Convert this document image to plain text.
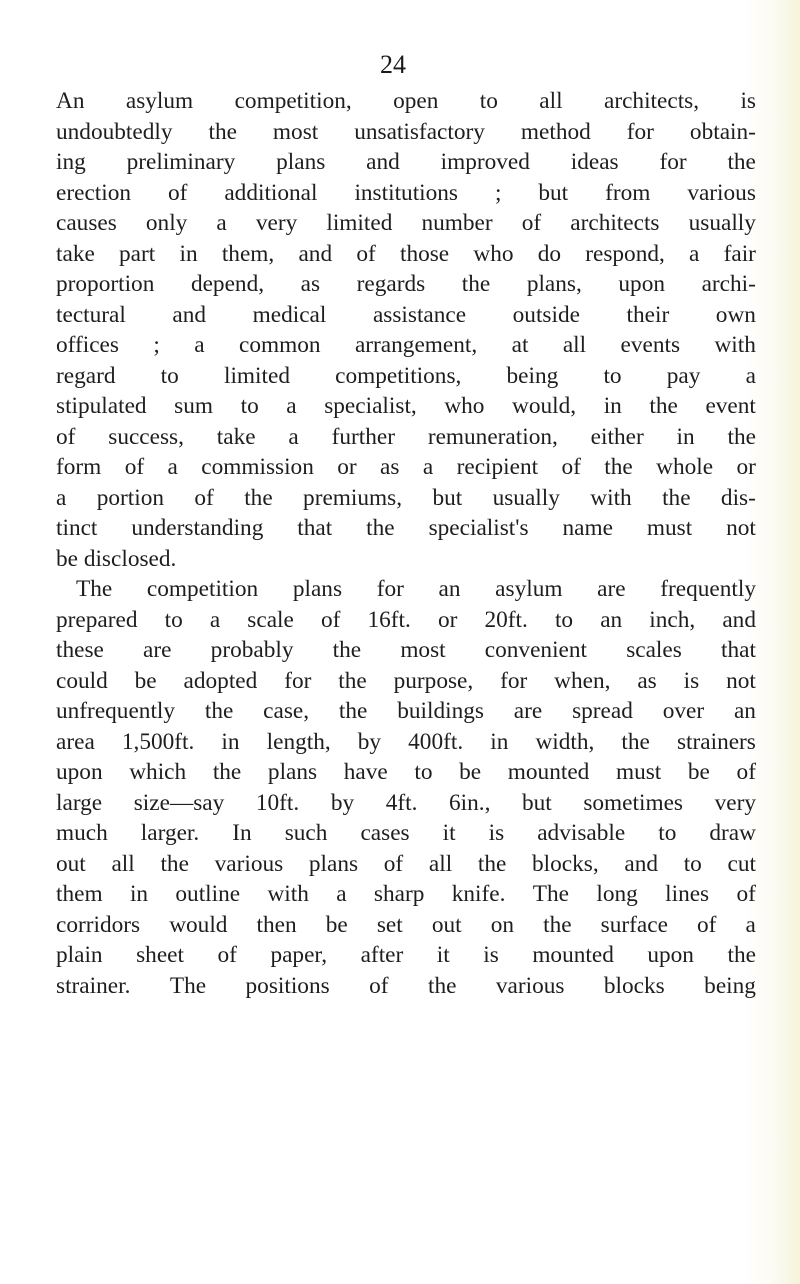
24
An asylum competition, open to all architects, is
undoubtedly the most unsatisfactory method for obtain-
ing preliminary plans and improved ideas for the
erection of additional institutions ; but from various
causes only a very limited number of architects usually
take part in them, and of those who do respond, a fair
proportion depend, as regards the plans, upon archi-
tectural and medical assistance outside their own
offices ; a common arrangement, at all events with
regard to limited competitions, being to pay a
stipulated sum to a specialist, who would, in the event
of success, take a further remuneration, either in the
form of a commission or as a recipient of the whole or
a portion of the premiums, but usually with the dis-
tinct understanding that the specialist's name must not
be disclosed.
The competition plans for an asylum are frequently
prepared to a scale of 16ft. or 20ft. to an inch, and
these are probably the most convenient scales that
could be adopted for the purpose, for when, as is not
unfrequently the case, the buildings are spread over an
area 1,500ft. in length, by 400ft. in width, the strainers
upon which the plans have to be mounted must be of
large size—say 10ft. by 4ft. 6in., but sometimes very
much larger. In such cases it is advisable to draw
out all the various plans of all the blocks, and to cut
them in outline with a sharp knife. The long lines of
corridors would then be set out on the surface of a
plain sheet of paper, after it is mounted upon the
strainer. The positions of the various blocks being
